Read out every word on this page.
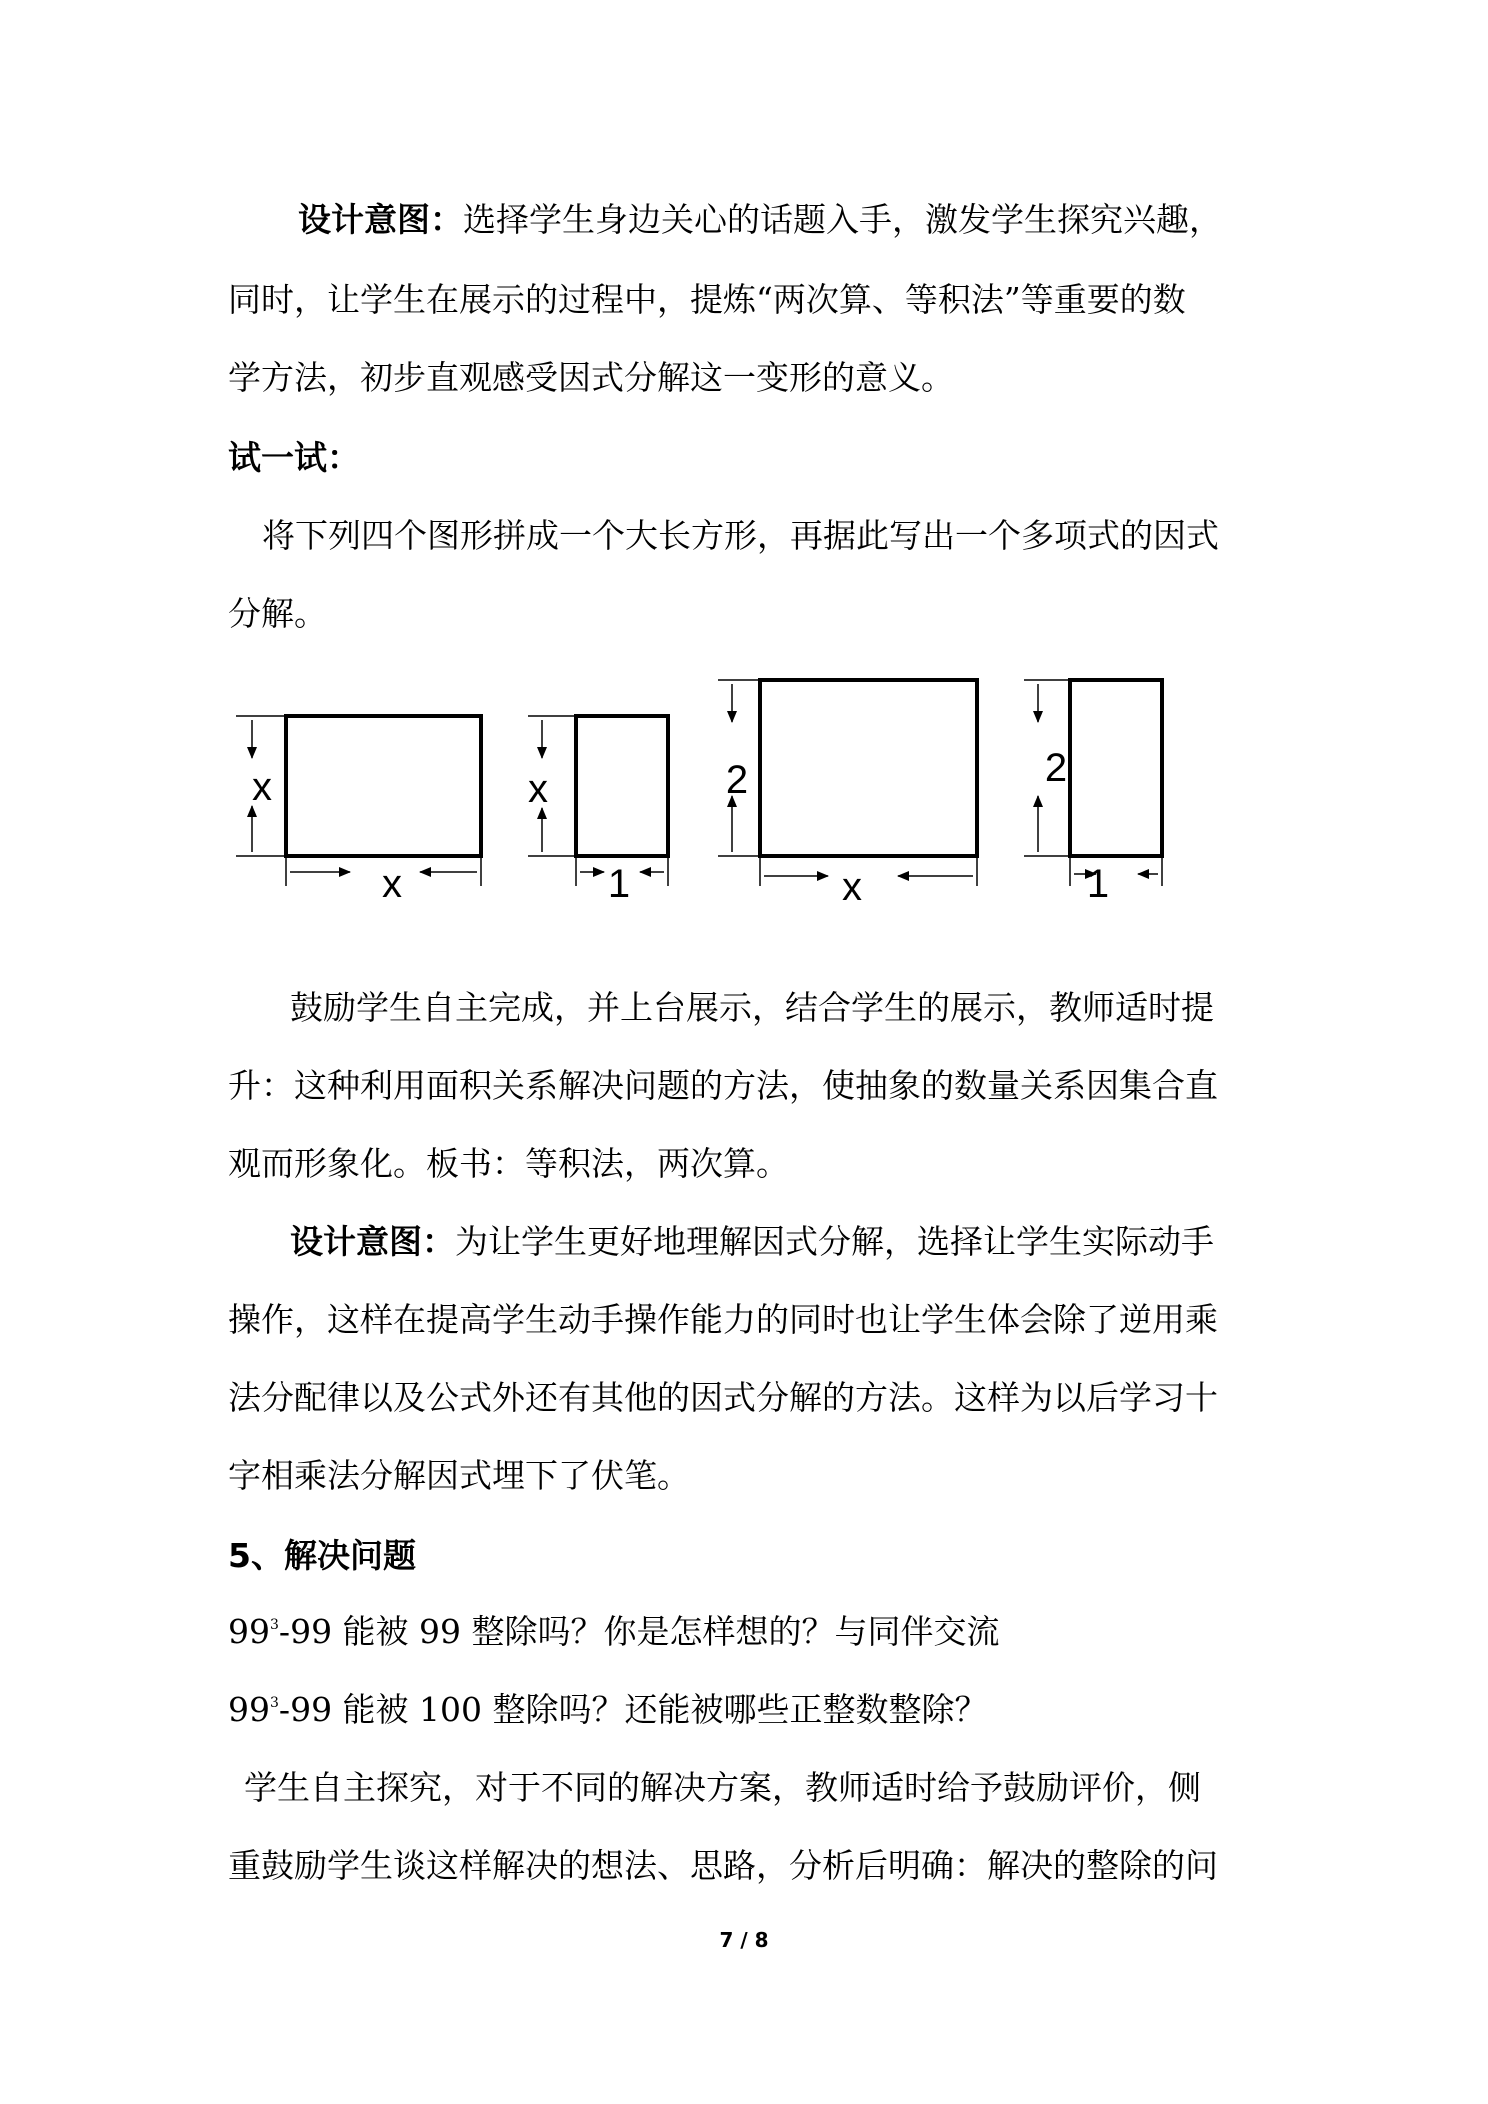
设计意图：选择学生身边关心的话题入手，激发学生探究兴趣，
同时，让学生在展示的过程中，提炼“两次算、等积法”等重要的数
学方法，初步直观感受因式分解这一变形的意义。
试一试：
将下列四个图形拼成一个大长方形，再据此写出一个多项式的因式
分解。
x
x
x
1
2
x
2
1
鼓励学生自主完成，并上台展示，结合学生的展示，教师适时提
升：这种利用面积关系解决问题的方法，使抽象的数量关系因集合直
观而形象化。板书：等积法，两次算。
设计意图：为让学生更好地理解因式分解，选择让学生实际动手
操作，这样在提高学生动手操作能力的同时也让学生体会除了逆用乘
法分配律以及公式外还有其他的因式分解的方法。这样为以后学习十
字相乘法分解因式埋下了伏笔。
5、解决问题
$99^3-99$ 能被 99 整除吗？你是怎样想的？与同伴交流
$99^3-99$ 能被 100 整除吗？还能被哪些正整数整除？
学生自主探究，对于不同的解决方案，教师适时给予鼓励评价，侧
重鼓励学生谈这样解决的想法、思路，分析后明确：解决的整除的问
7 / 8
